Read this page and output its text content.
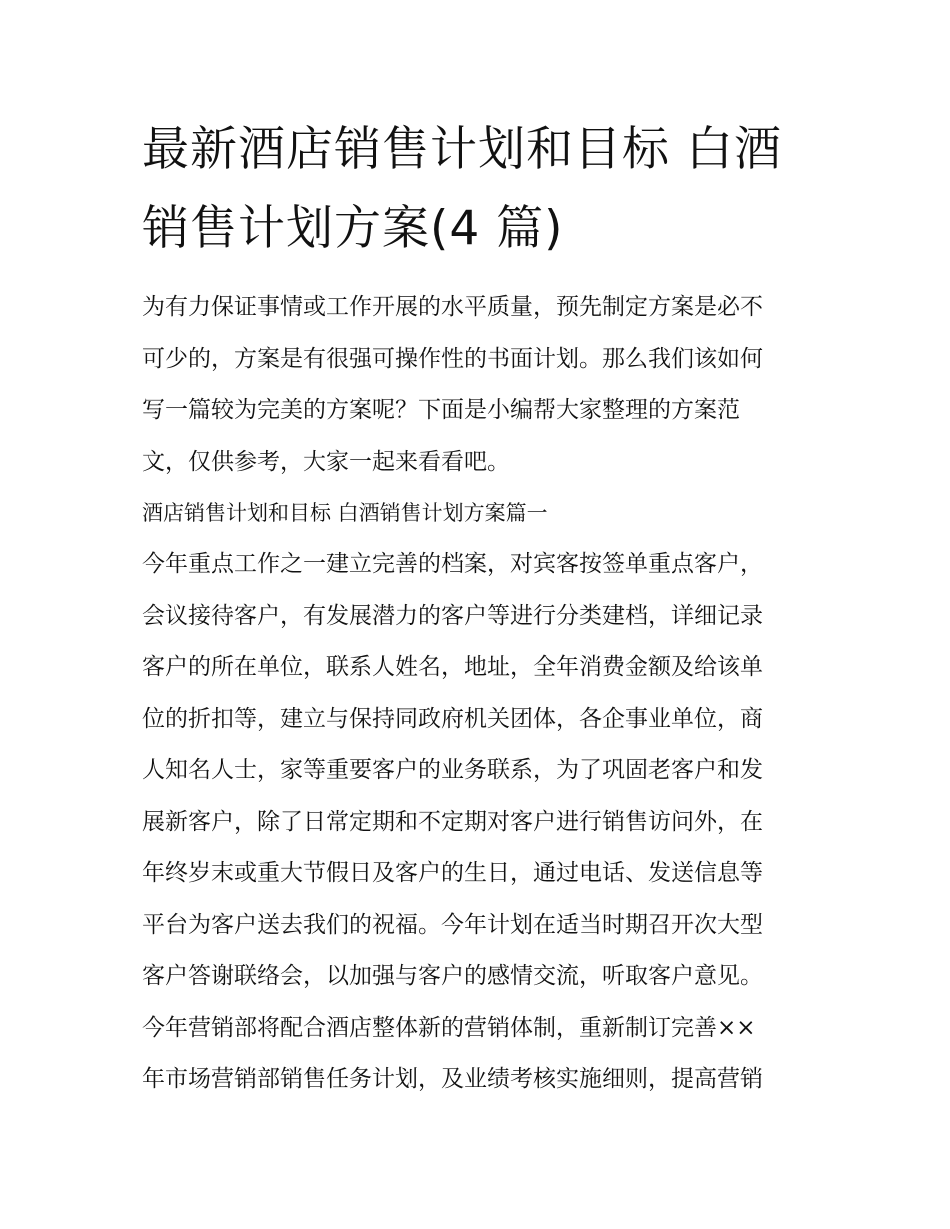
最新酒店销售计划和目标 白酒
销售计划方案(4 篇)

为有力保证事情或工作开展的水平质量，预先制定方案是必不
可少的，方案是有很强可操作性的书面计划。那么我们该如何
写一篇较为完美的方案呢？下面是小编帮大家整理的方案范
文，仅供参考，大家一起来看看吧。

酒店销售计划和目标 白酒销售计划方案篇一

今年重点工作之一建立完善的档案，对宾客按签单重点客户，
会议接待客户，有发展潜力的客户等进行分类建档，详细记录
客户的所在单位，联系人姓名，地址，全年消费金额及给该单
位的折扣等，建立与保持同政府机关团体，各企事业单位，商
人知名人士，家等重要客户的业务联系，为了巩固老客户和发
展新客户，除了日常定期和不定期对客户进行销售访问外，在
年终岁末或重大节假日及客户的生日，通过电话、发送信息等
平台为客户送去我们的祝福。今年计划在适当时期召开次大型
客户答谢联络会，以加强与客户的感情交流，听取客户意见。
今年营销部将配合酒店整体新的营销体制，重新制订完善××
年市场营销部销售任务计划，及业绩考核实施细则，提高营销
